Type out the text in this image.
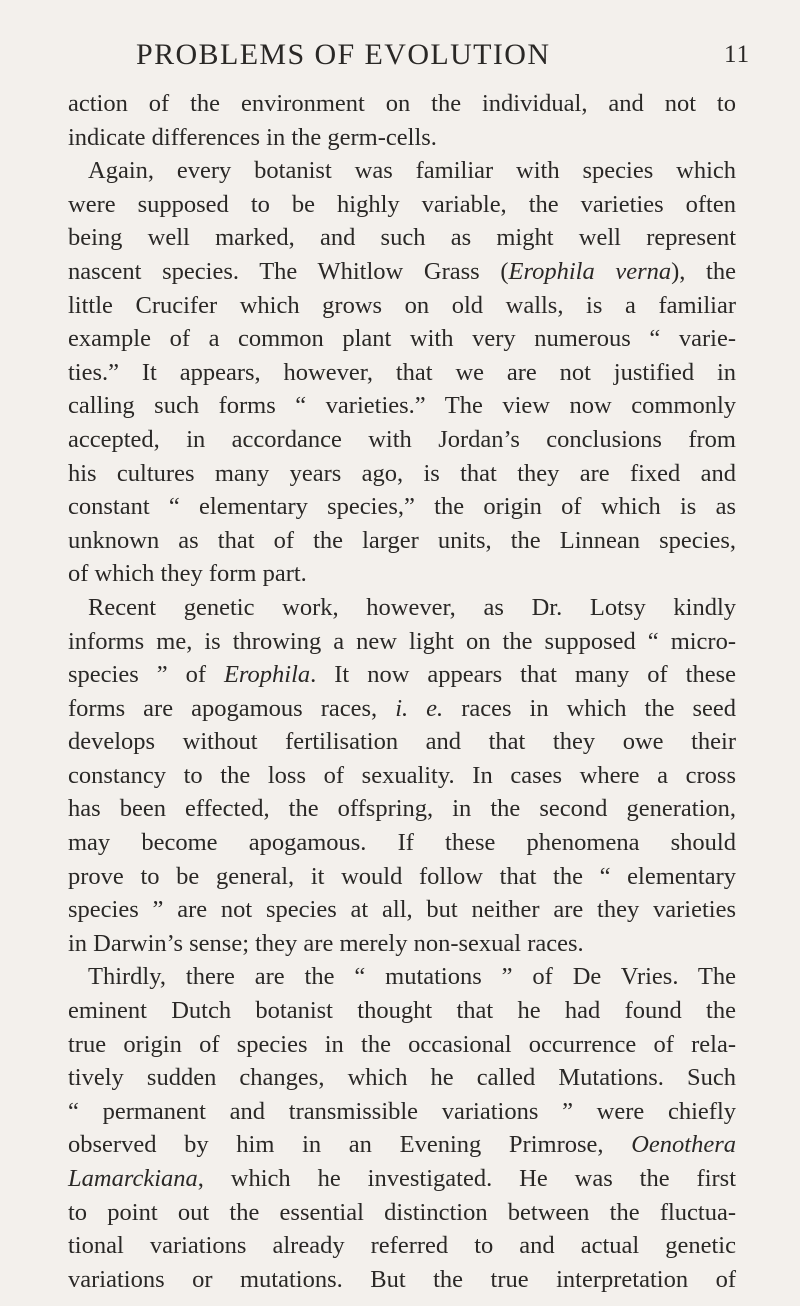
PROBLEMS OF EVOLUTION	11
action of the environment on the individual, and not to
indicate differences in the germ-cells.
Again, every botanist was familiar with species which
were supposed to be highly variable, the varieties often
being well marked, and such as might well represent
nascent species. The Whitlow Grass (Erophila verna), the
little Crucifer which grows on old walls, is a familiar
example of a common plant with very numerous “ varie-
ties.” It appears, however, that we are not justified in
calling such forms “ varieties.” The view now commonly
accepted, in accordance with Jordan’s conclusions from
his cultures many years ago, is that they are fixed and
constant “ elementary species,” the origin of which is as
unknown as that of the larger units, the Linnean species,
of which they form part.
Recent genetic work, however, as Dr. Lotsy kindly
informs me, is throwing a new light on the supposed “ micro-
species ” of Erophila. It now appears that many of these
forms are apogamous races, i. e. races in which the seed
develops without fertilisation and that they owe their
constancy to the loss of sexuality. In cases where a cross
has been effected, the offspring, in the second generation,
may become apogamous. If these phenomena should
prove to be general, it would follow that the “ elementary
species ” are not species at all, but neither are they varieties
in Darwin’s sense; they are merely non-sexual races.
Thirdly, there are the “ mutations ” of De Vries. The
eminent Dutch botanist thought that he had found the
true origin of species in the occasional occurrence of rela-
tively sudden changes, which he called Mutations. Such
“ permanent and transmissible variations ” were chiefly
observed by him in an Evening Primrose, Oenothera
Lamarckiana, which he investigated. He was the first
to point out the essential distinction between the fluctua-
tional variations already referred to and actual genetic
variations or mutations. But the true interpretation of
